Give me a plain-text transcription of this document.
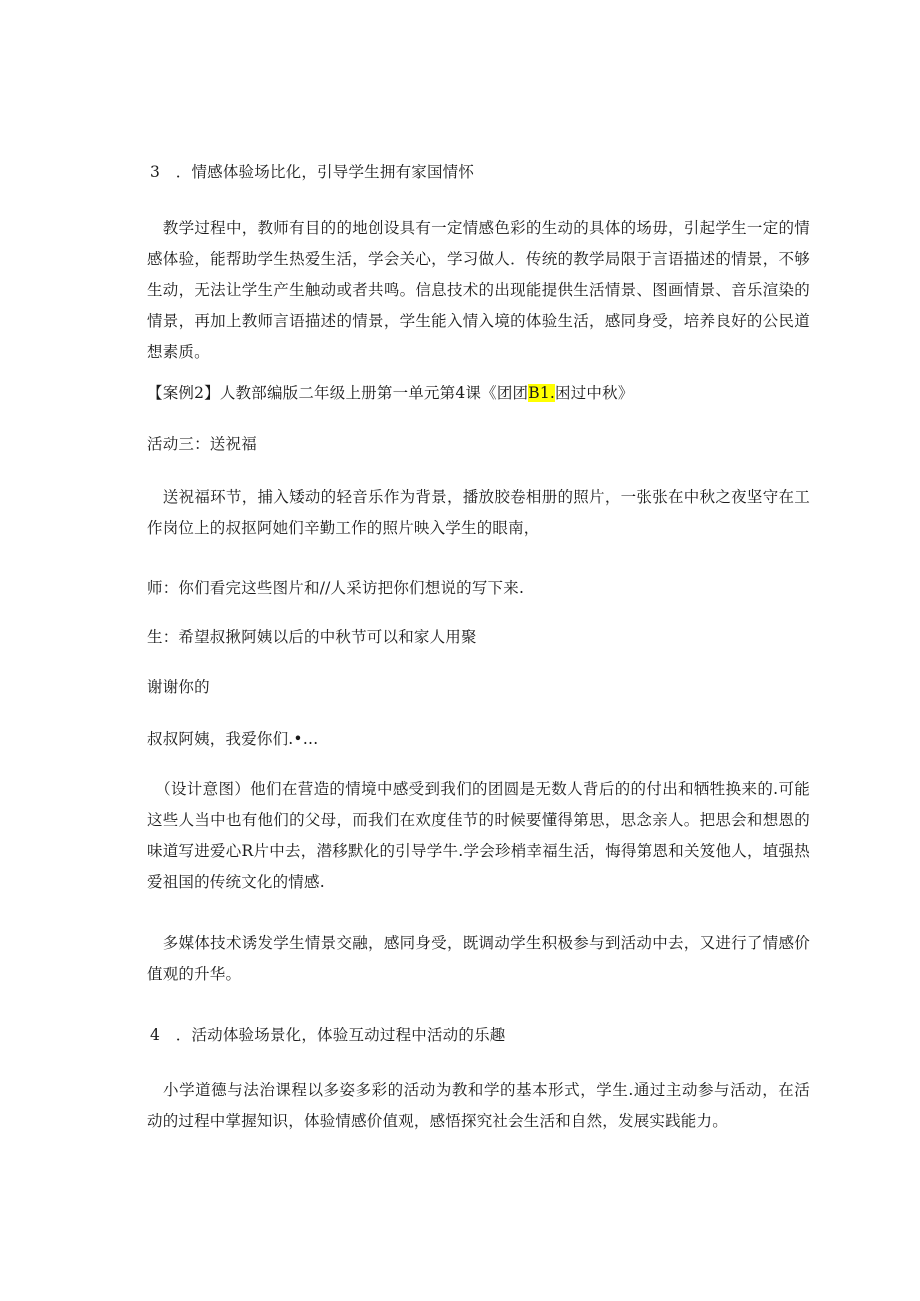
3　．情感体验场比化，引导学生拥有家国情怀
　教学过程中，教师有目的的地创设具有一定情感色彩的生动的具体的场毋，引起学生一定的情感体验，能帮助学生热爱生活，学会关心，学习做人．传统的教学局限于言语描述的情景，不够生动，无法让学生产生触动或者共鸣。信息技术的出现能提供生活情景、图画情景、音乐渲染的情景，再加上教师言语描述的情景，学生能入情入境的体验生活，感同身受，培养良好的公民道想素质。
【案例2】人教部编版二年级上册第一单元第4课《团团B1.困过中秋》
活动三：送祝福
　送祝福环节，捕入矮动的轻音乐作为背景，播放胶卷相册的照片，一张张在中秋之夜坚守在工作岗位上的叔抠阿她们辛勤工作的照片映入学生的眼南，
师：你们看完这些图片和//人采访把你们想说的写下来.
生：希望叔揪阿姨以后的中秋节可以和家人用聚
谢谢你的
叔叔阿姨，我爱你们.•…
　（设计意图）他们在营造的情境中感受到我们的团圆是无数人背后的的付出和牺牲换来的.可能这些人当中也有他们的父母，而我们在欢度佳节的时候要懂得第思，思念亲人。把思会和想恩的味道写进爱心R片中去，潜移默化的引导学牛.学会珍梢幸福生活，悔得第恩和关笈他人，埴强热爱祖国的传统文化的情感.
　多媒体技术诱发学生情景交融，感同身受，既调动学生积极参与到活动中去，又进行了情感价值观的升华。
4　．活动体验场景化，体验互动过程中活动的乐趣
　小学道德与法治课程以多姿多彩的活动为教和学的基本形式，学生.通过主动参与活动，在活动的过程中掌握知识，体验情感价值观，感悟探究社会生活和自然，发展实践能力。
